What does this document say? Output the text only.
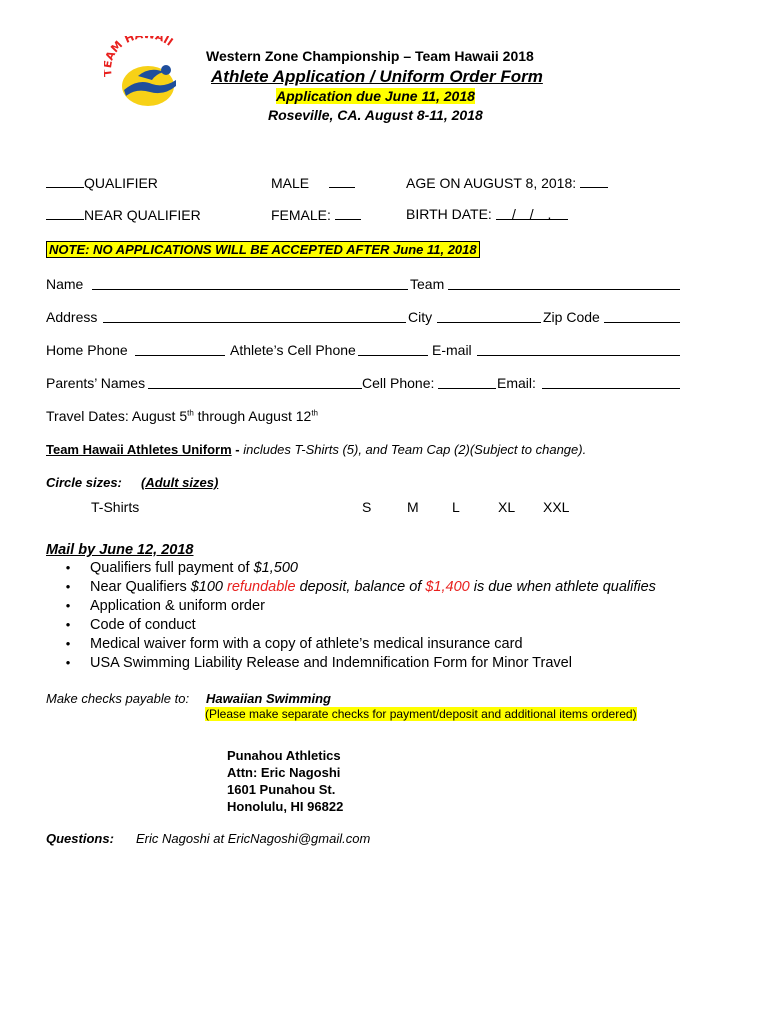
AM H AII
Western Zone Championship – Team Hawaii 2018
Athlete Application / Uniform Order Form
Application due June 11, 2018
Roseville, CA. August 8-11, 2018
QUALIFIER	MALE	AGE ON AUGUST 8, 2018:
NEAR QUALIFIER	FEMALE:	BIRTH DATE: / / .
NOTE: NO APPLICATIONS WILL BE ACCEPTED AFTER June 11, 2018
Name	Team
Address	City	Zip Code
Home Phone	Athlete’s Cell Phone	E-mail
Parents’ Names	Cell Phone:	Email:
Travel Dates: August 5th through August 12th
Team Hawaii Athletes Uniform - includes T-Shirts (5), and Team Cap (2)(Subject to change).
Circle sizes: (Adult sizes)
T-Shirts	S	M L	XL XXL
Mail by June 12, 2018
• Qualifiers full payment of $1,500
• Near Qualifiers $100 refundable deposit, balance of $1,400 is due when athlete qualifies
• Application & uniform order
• Code of conduct
• Medical waiver form with a copy of athlete’s medical insurance card
• USA Swimming Liability Release and Indemnification Form for Minor Travel
Make checks payable to: Hawaiian Swimming
(Please make separate checks for payment/deposit and additional items ordered)
Punahou Athletics
Attn: Eric Nagoshi
1601 Punahou St.
Honolulu, HI 96822
Questions: Eric Nagoshi at EricNagoshi@gmail.com
